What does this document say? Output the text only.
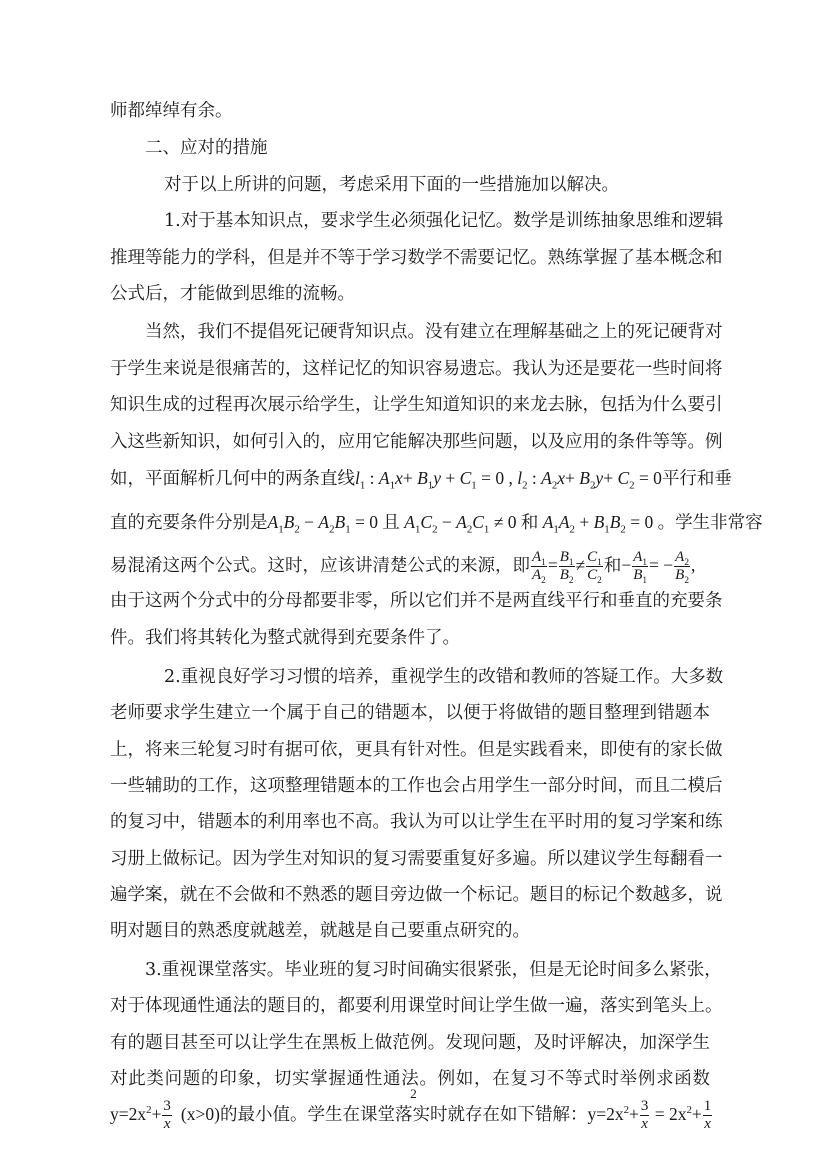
师都绰绰有余。
二、应对的措施
对于以上所讲的问题，考虑采用下面的一些措施加以解决。
1.对于基本知识点，要求学生必须强化记忆。数学是训练抽象思维和逻辑
推理等能力的学科，但是并不等于学习数学不需要记忆。熟练掌握了基本概念和
公式后，才能做到思维的流畅。
当然，我们不提倡死记硬背知识点。没有建立在理解基础之上的死记硬背对
于学生来说是很痛苦的，这样记忆的知识容易遗忘。我认为还是要花一些时间将
知识生成的过程再次展示给学生，让学生知道知识的来龙去脉，包括为什么要引
入这些新知识，如何引入的，应用它能解决那些问题，以及应用的条件等等。例
如，平面解析几何中的两条直线$l_1$ : $A_1x+ B_1y + C_1 = 0$ , $l_2$ : $A_2x+ B_2y+ C_2 = 0$平行和垂
直的充要条件分别是$A_1B_2 - A_2B_1 = 0$ 且 $A_1C_2 - A_2C_1 \ne 0$ 和 $A_1A_2 + B_1B_2 = 0$ 。学生非常容
易混淆这两个公式。这时，应该讲清楚公式的来源，即 $\frac{A_1}{A_2} = \frac{B_1}{B_2} \ne \frac{C_1}{C_2}$ 和− $\frac{A_1}{B_1}$ = − $\frac{A_2}{B_2}$ ,
由于这两个分式中的分母都要非零，所以它们并不是两直线平行和垂直的充要条
件。我们将其转化为整式就得到充要条件了。
2.重视良好学习习惯的培养，重视学生的改错和教师的答疑工作。大多数
老师要求学生建立一个属于自己的错题本，以便于将做错的题目整理到错题本
上，将来三轮复习时有据可依，更具有针对性。但是实践看来，即使有的家长做
一些辅助的工作，这项整理错题本的工作也会占用学生一部分时间，而且二模后
的复习中，错题本的利用率也不高。我认为可以让学生在平时用的复习学案和练
习册上做标记。因为学生对知识的复习需要重复好多遍。所以建议学生每翻看一
遍学案，就在不会做和不熟悉的题目旁边做一个标记。题目的标记个数越多，说
明对题目的熟悉度就越差，就越是自己要重点研究的。
3.重视课堂落实。毕业班的复习时间确实很紧张，但是无论时间多么紧张，
对于体现通性通法的题目的，都要利用课堂时间让学生做一遍，落实到笔头上。
有的题目甚至可以让学生在黑板上做范例。发现问题，及时评解决，加深学生
对此类问题的印象，切实掌握通性通法。例如，在复习不等式时举例求函数
$y=2x^2+ \frac{3}{x} (x>0)$的最小值。学生在课堂落实时就存在如下错解：$y=2x^2+ \frac{3}{x} = 2x^2+ \frac{1}{x}$
2
